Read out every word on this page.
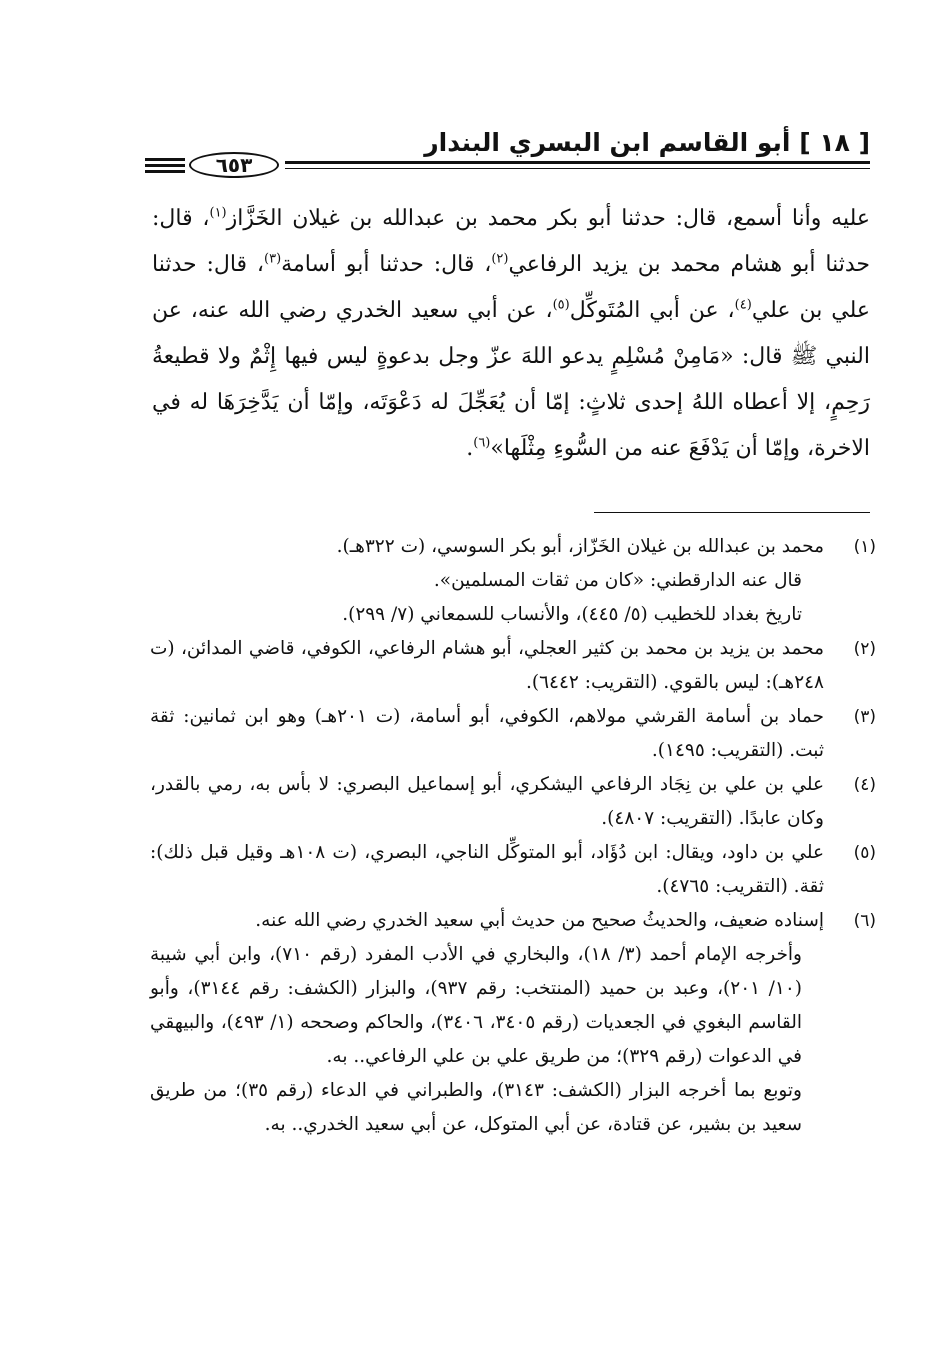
[ ١٨ ] أبو القاسم ابن البسري البندار
٦٥٣

عليه وأنا أسمع، قال: حدثنا أبو بكر محمد بن عبدالله بن غيلان الخَزَّاز$^{(١)}$، قال: حدثنا أبو هشام محمد بن يزيد الرفاعي$^{(٢)}$، قال: حدثنا أبو أسامة$^{(٣)}$، قال: حدثنا علي بن علي$^{(٤)}$، عن أبي المُتَوكِّل$^{(٥)}$، عن أبي سعيد الخدري رضي الله عنه، عن النبي ﷺ قال: «مَامِنْ مُسْلِمٍ يدعو اللهَ عزّ وجل بدعوةٍ ليس فيها إِثْمٌ ولا قطيعةُ رَحِمٍ، إلا أعطاه اللهُ إحدى ثلاثٍ: إمّا أن يُعَجِّلَ له دَعْوَتَه، وإمّا أن يَدَّخِرَهَا له في الاخرة، وإمّا أن يَدْفَعَ عنه من السُّوءِ مِثْلَها»$^{(٦)}$.

(١)

محمد بن عبدالله بن غيلان الخَزّاز، أبو بكر السوسي، (ت ٣٢٢هـ).

قال عنه الدارقطني: «كان من ثقات المسلمين».

تاريخ بغداد للخطيب (٥/ ٤٤٥)، والأنساب للسمعاني (٧/ ٢٩٩).

(٢)

محمد بن يزيد بن محمد بن كثير العجلي، أبو هشام الرفاعي، الكوفي، قاضي المدائن، (ت ٢٤٨هـ): ليس بالقوي. (التقريب: ٦٤٤٢).

(٣)

حماد بن أسامة القرشي مولاهم، الكوفي، أبو أسامة، (ت ٢٠١هـ) وهو ابن ثمانين: ثقة ثبت. (التقريب: ١٤٩٥).

(٤)

علي بن علي بن نِجَاد الرفاعي اليشكري، أبو إسماعيل البصري: لا بأس به، رمي بالقدر، وكان عابدًا. (التقريب: ٤٨٠٧).

(٥)

علي بن داود، ويقال: ابن دُؤَاد، أبو المتوكِّل الناجي، البصري، (ت ١٠٨هـ وقيل قبل ذلك): ثقة. (التقريب: ٤٧٦٥).

(٦)

إسناده ضعيف، والحديثُ صحيح من حديث أبي سعيد الخدري رضي الله عنه.

وأخرجه الإمام أحمد (٣/ ١٨)، والبخاري في الأدب المفرد (رقم ٧١٠)، وابن أبي شيبة (١٠/ ٢٠١)، وعبد بن حميد (المنتخب: رقم ٩٣٧)، والبزار (الكشف: رقم ٣١٤٤)، وأبو القاسم البغوي في الجعديات (رقم ٣٤٠٥، ٣٤٠٦)، والحاكم وصححه (١/ ٤٩٣)، والبيهقي في الدعوات (رقم ٣٢٩)؛ من طريق علي بن علي الرفاعي.. به.

وتوبع بما أخرجه البزار (الكشف: ٣١٤٣)، والطبراني في الدعاء (رقم ٣٥)؛ من طريق سعيد بن بشير، عن قتادة، عن أبي المتوكل، عن أبي سعيد الخدري.. به.
